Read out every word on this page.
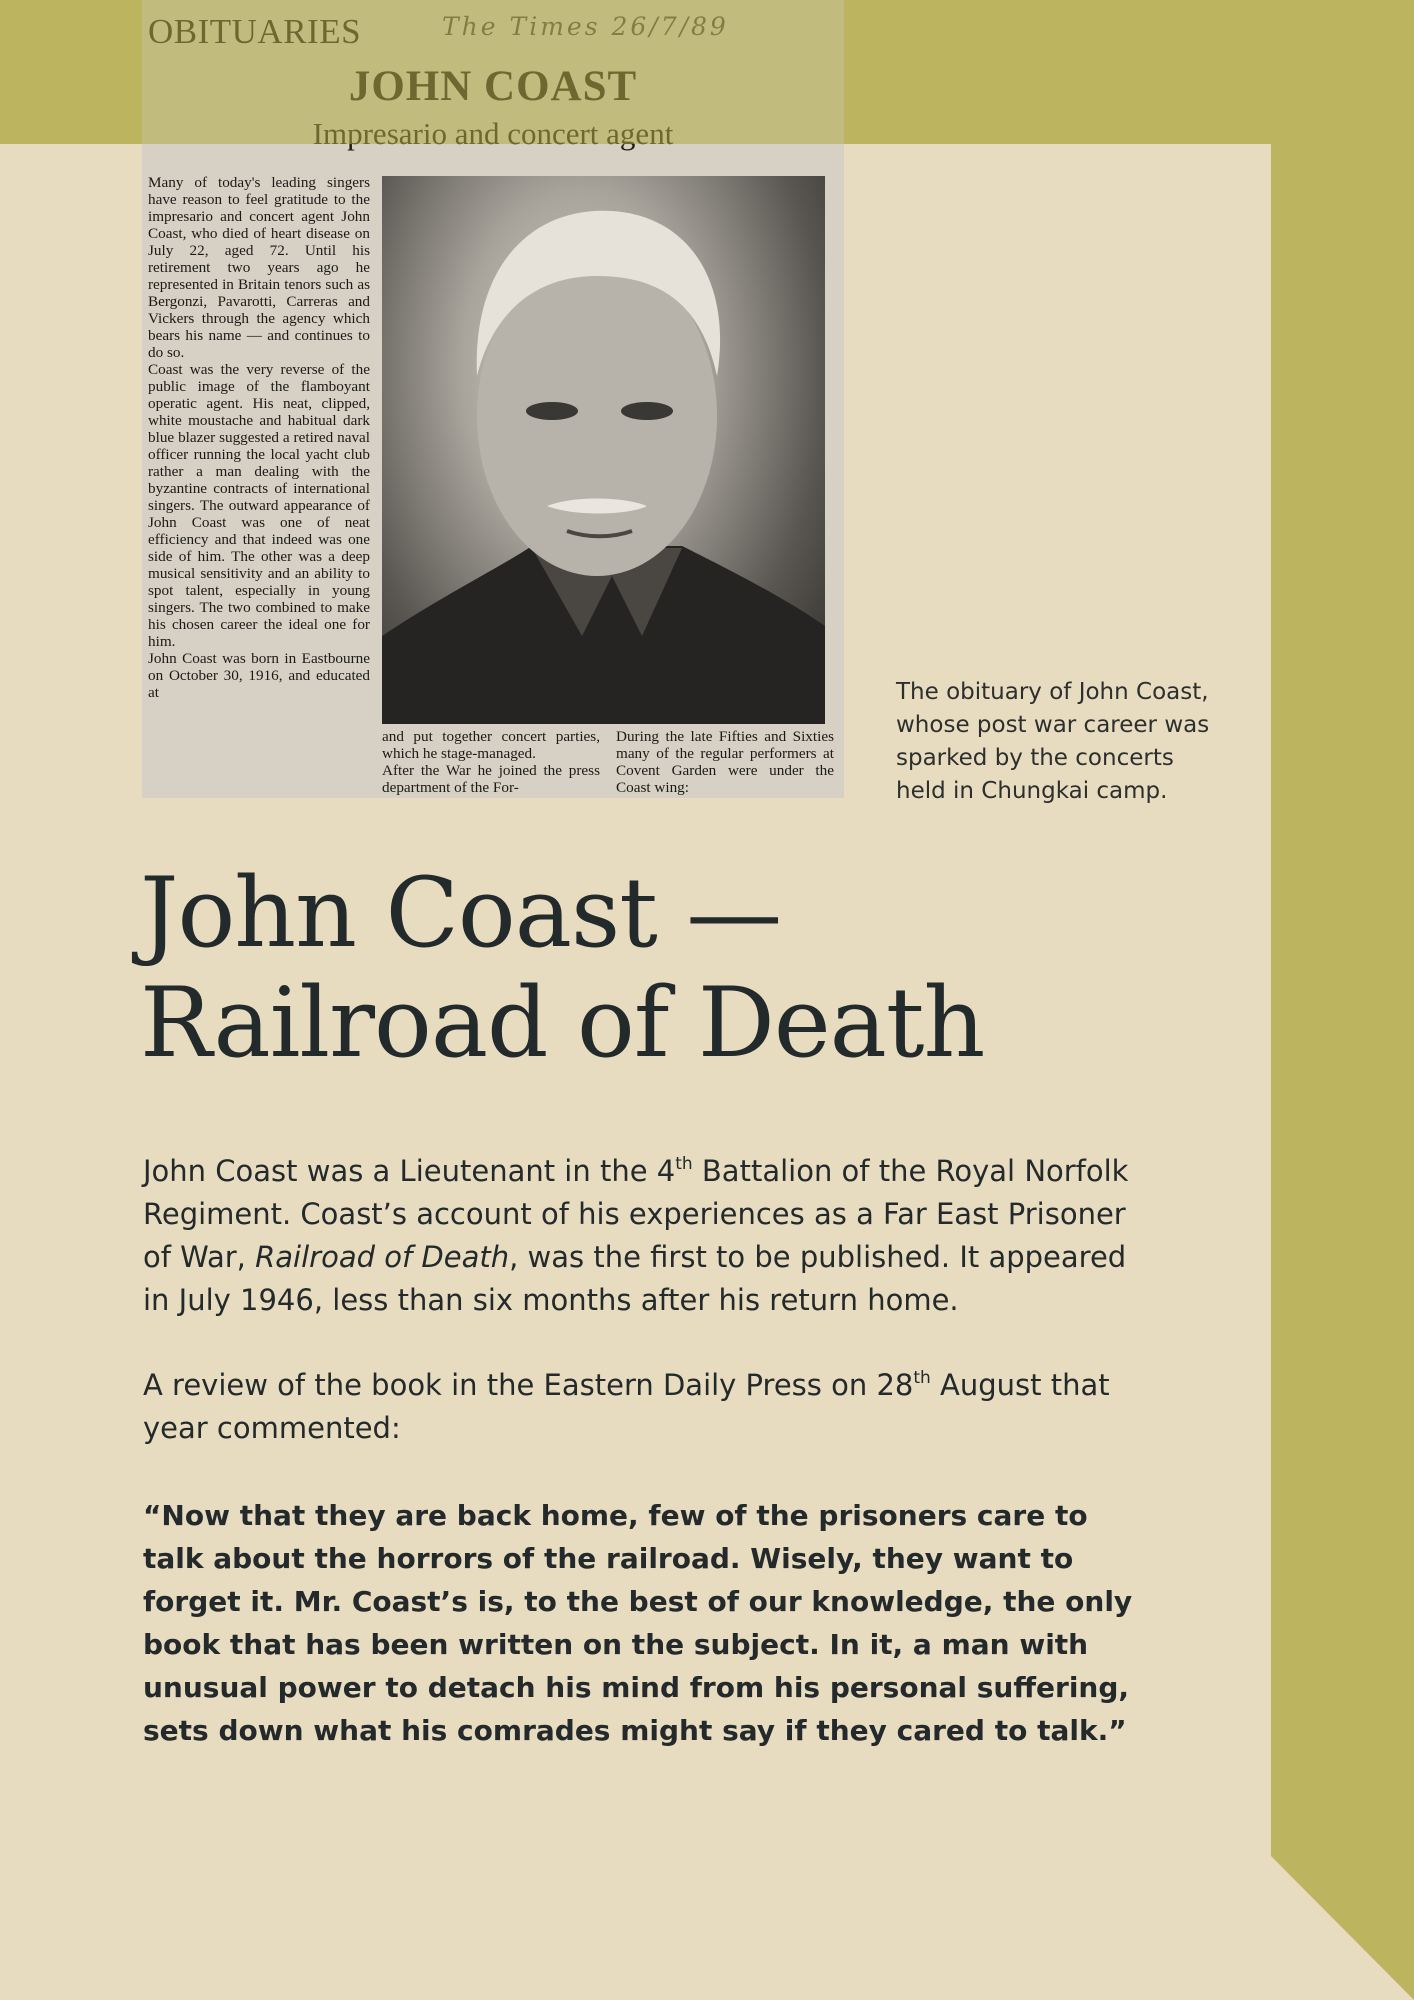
Many of today's leading singers have reason to feel gratitude to the impresario and concert agent John Coast, who died of heart disease on July 22, aged 72. Until his retirement two years ago he represented in Britain tenors such as Bergonzi, Pavarotti, Carreras and Vickers through the agency which bears his name — and continues to do so.
Coast was the very reverse of the public image of the flamboyant operatic agent. His neat, clipped, white moustache and habitual dark blue blazer suggested a retired naval officer running the local yacht club rather a man dealing with the byzantine contracts of international singers. The outward appearance of John Coast was one of neat efficiency and that indeed was one side of him. The other was a deep musical sensitivity and an ability to spot talent, especially in young singers. The two combined to make his chosen career the ideal one for him.
John Coast was born in Eastbourne on October 30, 1916, and educated at
and put together concert parties, which he stage-managed.
After the War he joined the press department of the For-
During the late Fifties and Sixties many of the regular performers at Covent Garden were under the Coast wing:
The obituary of John Coast,
whose post war career was
sparked by the concerts
held in Chungkai camp.
John Coast —
Railroad of Death

John Coast was a Lieutenant in the 4th Battalion of the Royal Norfolk Regiment. Coast’s account of his experiences as a Far East Prisoner of War, Railroad of Death, was the first to be published. It appeared in July 1946, less than six months after his return home.

A review of the book in the Eastern Daily Press on 28th August that year commented:

“Now that they are back home, few of the prisoners care to talk about the horrors of the railroad. Wisely, they want to forget it. Mr. Coast’s is, to the best of our knowledge, the only book that has been written on the subject. In it, a man with unusual power to detach his mind from his personal suffering, sets down what his comrades might say if they cared to talk.”
